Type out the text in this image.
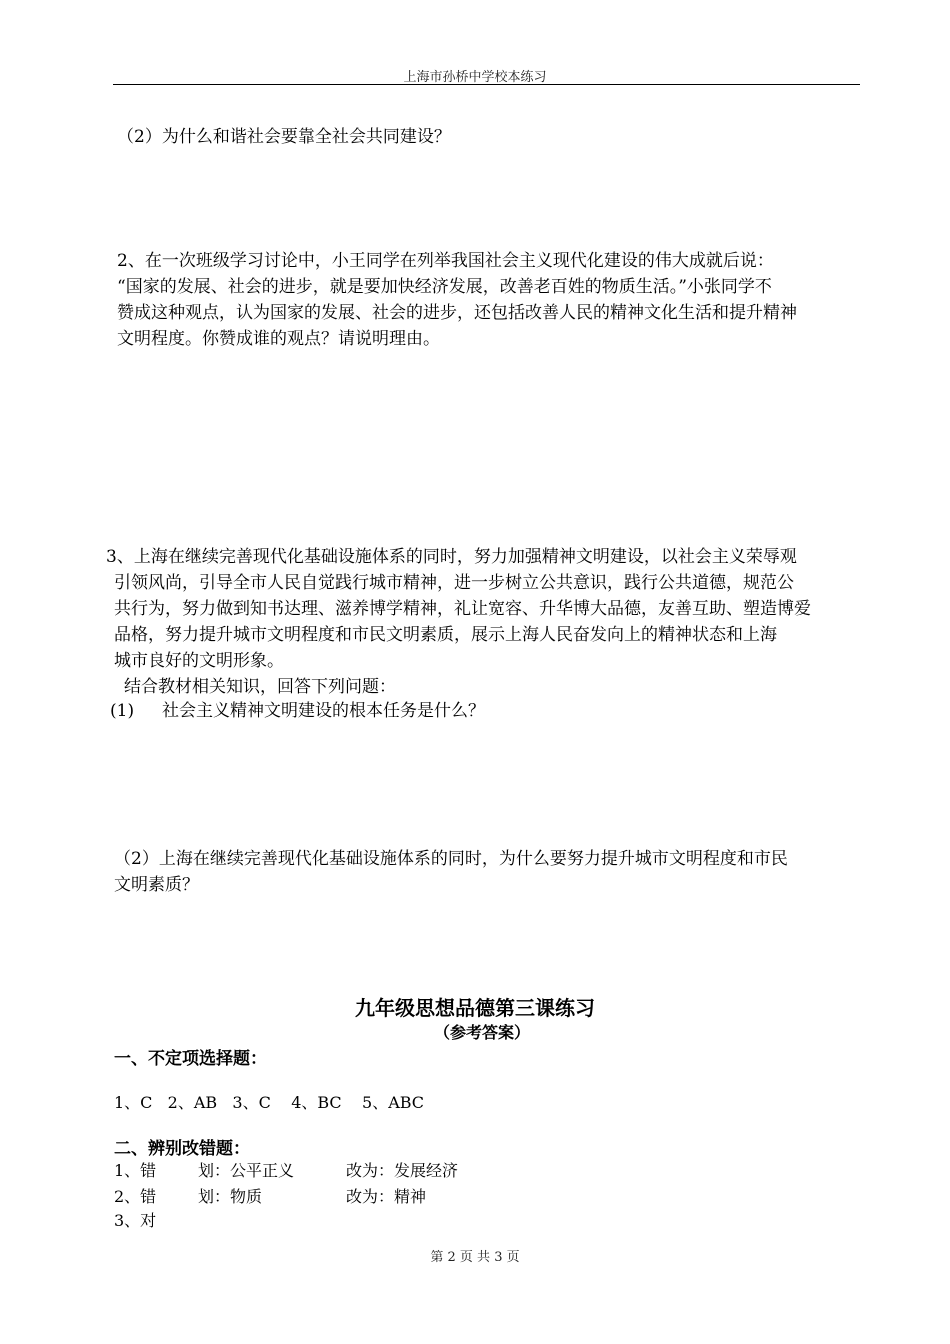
上海市孙桥中学校本练习
（2）为什么和谐社会要靠全社会共同建设？
2、在一次班级学习讨论中，小王同学在列举我国社会主义现代化建设的伟大成就后说：
“国家的发展、社会的进步，就是要加快经济发展，改善老百姓的物质生活。”小张同学不
赞成这种观点，认为国家的发展、社会的进步，还包括改善人民的精神文化生活和提升精神
文明程度。你赞成谁的观点？请说明理由。
3、上海在继续完善现代化基础设施体系的同时，努力加强精神文明建设，以社会主义荣辱观
引领风尚，引导全市人民自觉践行城市精神，进一步树立公共意识，践行公共道德，规范公
共行为，努力做到知书达理、滋养博学精神，礼让宽容、升华博大品德，友善互助、塑造博爱
品格，努力提升城市文明程度和市民文明素质，展示上海人民奋发向上的精神状态和上海
城市良好的文明形象。
结合教材相关知识，回答下列问题：
(1) 社会主义精神文明建设的根本任务是什么？
（2）上海在继续完善现代化基础设施体系的同时，为什么要努力提升城市文明程度和市民
文明素质？
九年级思想品德第三课练习
（参考答案）
一、不定项选择题：
1、C   2、AB   3、C    4、BC    5、ABC
二、辨别改错题：
1、错	划：公平正义	改为：发展经济
2、错	划：物质	改为：精神
3、对
第 2 页 共 3 页
